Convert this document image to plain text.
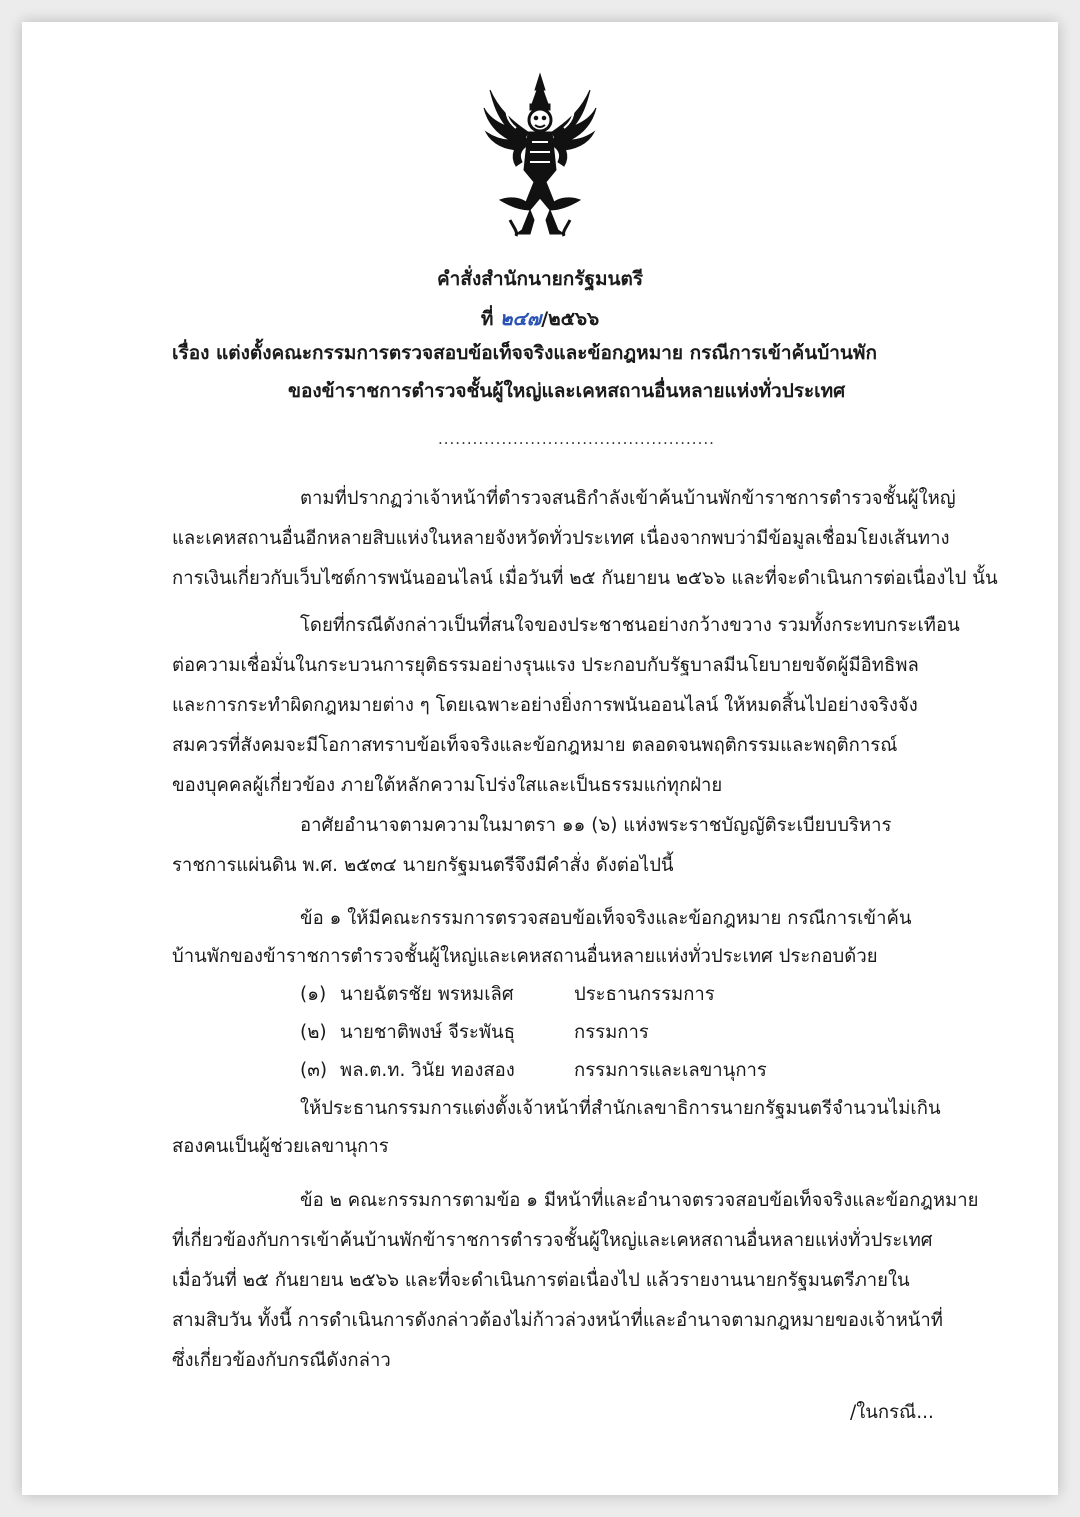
คำสั่งสำนักนายกรัฐมนตรี
ที่ ๒๔๗/๒๕๖๖
เรื่อง แต่งตั้งคณะกรรมการตรวจสอบข้อเท็จจริงและข้อกฎหมาย กรณีการเข้าค้นบ้านพัก
ของข้าราชการตำรวจชั้นผู้ใหญ่และเคหสถานอื่นหลายแห่งทั่วประเทศ
................................................
ตามที่ปรากฏว่าเจ้าหน้าที่ตำรวจสนธิกำลังเข้าค้นบ้านพักข้าราชการตำรวจชั้นผู้ใหญ่
และเคหสถานอื่นอีกหลายสิบแห่งในหลายจังหวัดทั่วประเทศ เนื่องจากพบว่ามีข้อมูลเชื่อมโยงเส้นทาง
การเงินเกี่ยวกับเว็บไซต์การพนันออนไลน์ เมื่อวันที่ ๒๕ กันยายน ๒๕๖๖ และที่จะดำเนินการต่อเนื่องไป นั้น
โดยที่กรณีดังกล่าวเป็นที่สนใจของประชาชนอย่างกว้างขวาง รวมทั้งกระทบกระเทือน
ต่อความเชื่อมั่นในกระบวนการยุติธรรมอย่างรุนแรง ประกอบกับรัฐบาลมีนโยบายขจัดผู้มีอิทธิพล
และการกระทำผิดกฎหมายต่าง ๆ โดยเฉพาะอย่างยิ่งการพนันออนไลน์ ให้หมดสิ้นไปอย่างจริงจัง
สมควรที่สังคมจะมีโอกาสทราบข้อเท็จจริงและข้อกฎหมาย ตลอดจนพฤติกรรมและพฤติการณ์
ของบุคคลผู้เกี่ยวข้อง ภายใต้หลักความโปร่งใสและเป็นธรรมแก่ทุกฝ่าย
อาศัยอำนาจตามความในมาตรา ๑๑ (๖) แห่งพระราชบัญญัติระเบียบบริหาร
ราชการแผ่นดิน พ.ศ. ๒๕๓๔ นายกรัฐมนตรีจึงมีคำสั่ง ดังต่อไปนี้
ข้อ ๑ ให้มีคณะกรรมการตรวจสอบข้อเท็จจริงและข้อกฎหมาย กรณีการเข้าค้น
บ้านพักของข้าราชการตำรวจชั้นผู้ใหญ่และเคหสถานอื่นหลายแห่งทั่วประเทศ ประกอบด้วย
(๑) นายฉัตรชัย พรหมเลิศ	ประธานกรรมการ
(๒) นายชาติพงษ์ จีระพันธุ	กรรมการ
(๓) พล.ต.ท. วินัย ทองสอง	กรรมการและเลขานุการ
ให้ประธานกรรมการแต่งตั้งเจ้าหน้าที่สำนักเลขาธิการนายกรัฐมนตรีจำนวนไม่เกิน
สองคนเป็นผู้ช่วยเลขานุการ
ข้อ ๒ คณะกรรมการตามข้อ ๑ มีหน้าที่และอำนาจตรวจสอบข้อเท็จจริงและข้อกฎหมาย
ที่เกี่ยวข้องกับการเข้าค้นบ้านพักข้าราชการตำรวจชั้นผู้ใหญ่และเคหสถานอื่นหลายแห่งทั่วประเทศ
เมื่อวันที่ ๒๕ กันยายน ๒๕๖๖ และที่จะดำเนินการต่อเนื่องไป แล้วรายงานนายกรัฐมนตรีภายใน
สามสิบวัน ทั้งนี้ การดำเนินการดังกล่าวต้องไม่ก้าวล่วงหน้าที่และอำนาจตามกฎหมายของเจ้าหน้าที่
ซึ่งเกี่ยวข้องกับกรณีดังกล่าว
/ในกรณี...
